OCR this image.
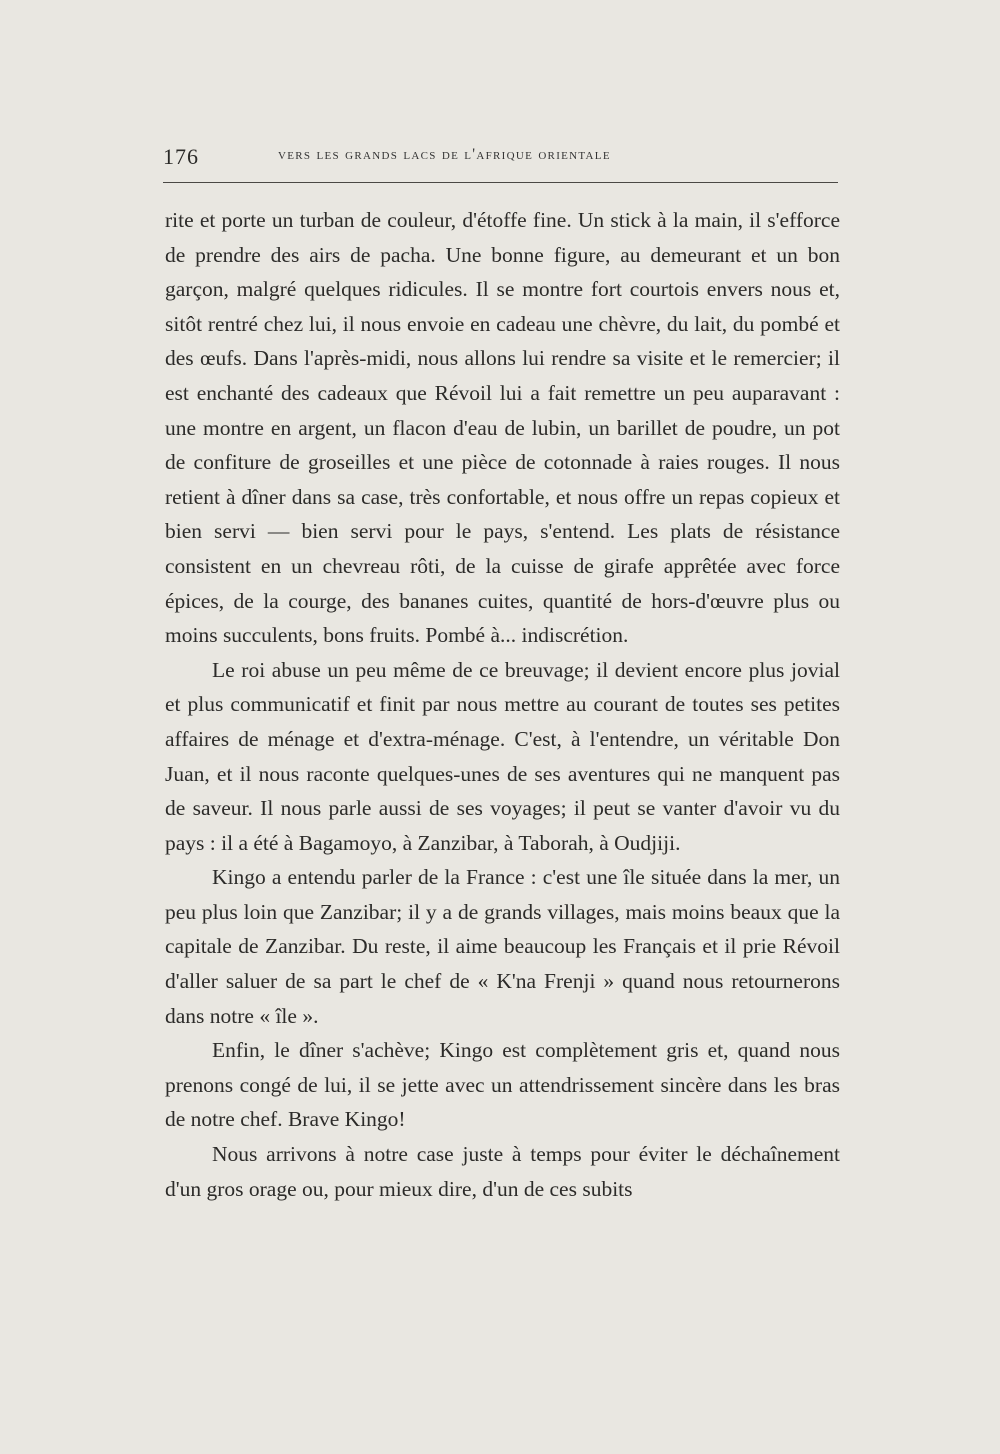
176	vers les grands lacs de l'afrique orientale

rite et porte un turban de couleur, d'étoffe fine. Un stick à la main, il s'efforce de prendre des airs de pacha. Une bonne figure, au demeurant et un bon garçon, malgré quelques ridicules. Il se montre fort courtois envers nous et, sitôt rentré chez lui, il nous envoie en cadeau une chèvre, du lait, du pombé et des œufs. Dans l'après-midi, nous allons lui rendre sa visite et le remercier; il est enchanté des cadeaux que Révoil lui a fait remettre un peu auparavant : une montre en argent, un flacon d'eau de lubin, un barillet de poudre, un pot de confiture de groseilles et une pièce de cotonnade à raies rouges. Il nous retient à dîner dans sa case, très confortable, et nous offre un repas copieux et bien servi — bien servi pour le pays, s'entend. Les plats de résistance consistent en un chevreau rôti, de la cuisse de girafe apprêtée avec force épices, de la courge, des bananes cuites, quantité de hors-d'œuvre plus ou moins succulents, bons fruits. Pombé à... indiscrétion.

Le roi abuse un peu même de ce breuvage; il devient encore plus jovial et plus communicatif et finit par nous mettre au courant de toutes ses petites affaires de ménage et d'extra-ménage. C'est, à l'entendre, un véritable Don Juan, et il nous raconte quelques-unes de ses aventures qui ne manquent pas de saveur. Il nous parle aussi de ses voyages; il peut se vanter d'avoir vu du pays : il a été à Bagamoyo, à Zanzibar, à Taborah, à Oudjiji.

Kingo a entendu parler de la France : c'est une île située dans la mer, un peu plus loin que Zanzibar; il y a de grands villages, mais moins beaux que la capitale de Zanzibar. Du reste, il aime beaucoup les Français et il prie Révoil d'aller saluer de sa part le chef de « K'na Frenji » quand nous retournerons dans notre « île ».

Enfin, le dîner s'achève; Kingo est complètement gris et, quand nous prenons congé de lui, il se jette avec un attendrissement sincère dans les bras de notre chef. Brave Kingo!

Nous arrivons à notre case juste à temps pour éviter le déchaînement d'un gros orage ou, pour mieux dire, d'un de ces subits
